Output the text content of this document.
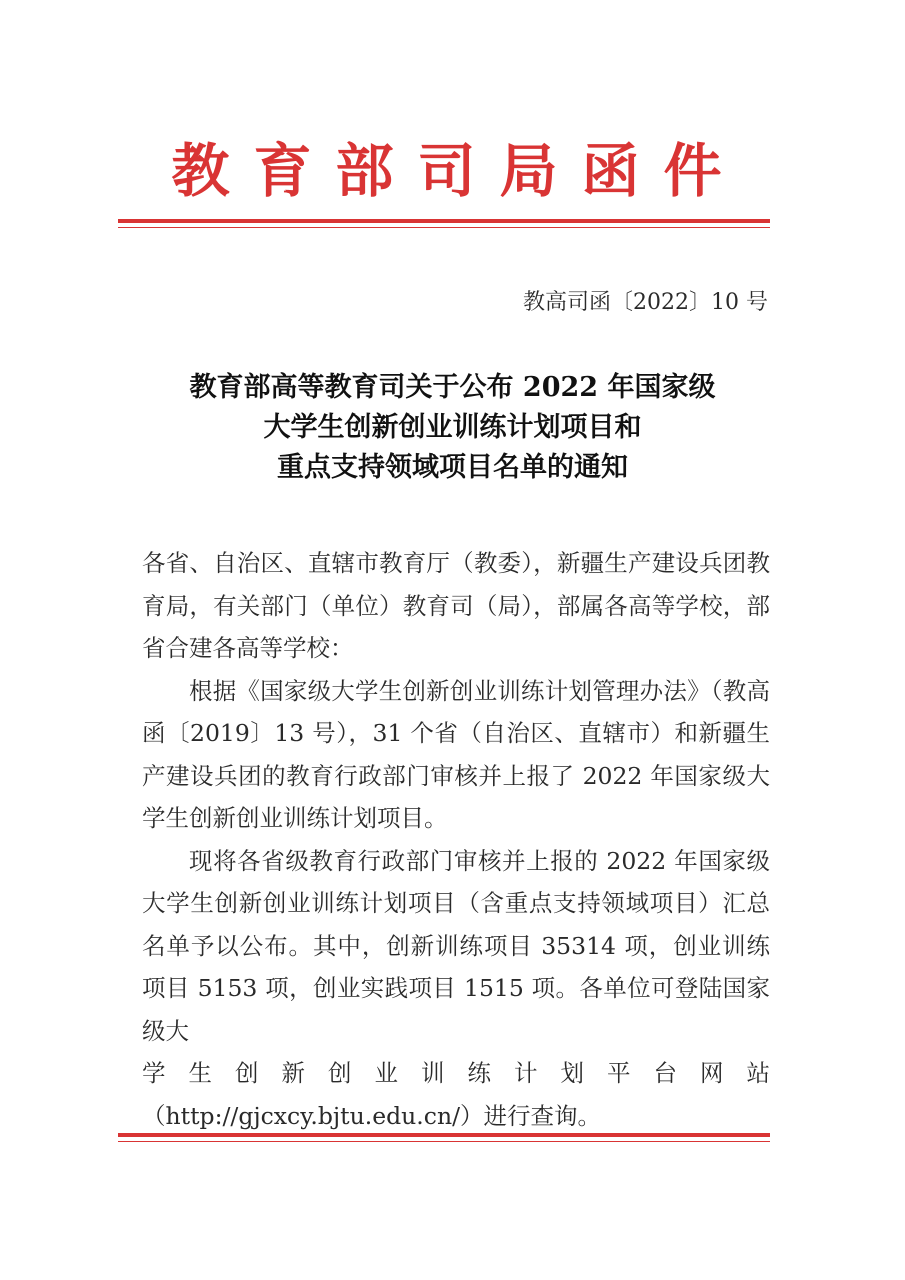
教育部司局函件
教高司函〔2022〕10 号
教育部高等教育司关于公布 2022 年国家级
大学生创新创业训练计划项目和
重点支持领域项目名单的通知

各省、自治区、直辖市教育厅（教委），新疆生产建设兵团教育局，有关部门（单位）教育司（局），部属各高等学校，部省合建各高等学校：

根据《国家级大学生创新创业训练计划管理办法》（教高函〔2019〕13 号），31 个省（自治区、直辖市）和新疆生产建设兵团的教育行政部门审核并上报了 2022 年国家级大学生创新创业训练计划项目。

现将各省级教育行政部门审核并上报的 2022 年国家级大学生创新创业训练计划项目（含重点支持领域项目）汇总名单予以公布。其中，创新训练项目 35314 项，创业训练项目 5153 项，创业实践项目 1515 项。各单位可登陆国家级大

学生创新创业训练计划平台网站

（http://gjcxcy.bjtu.edu.cn/）进行查询。
